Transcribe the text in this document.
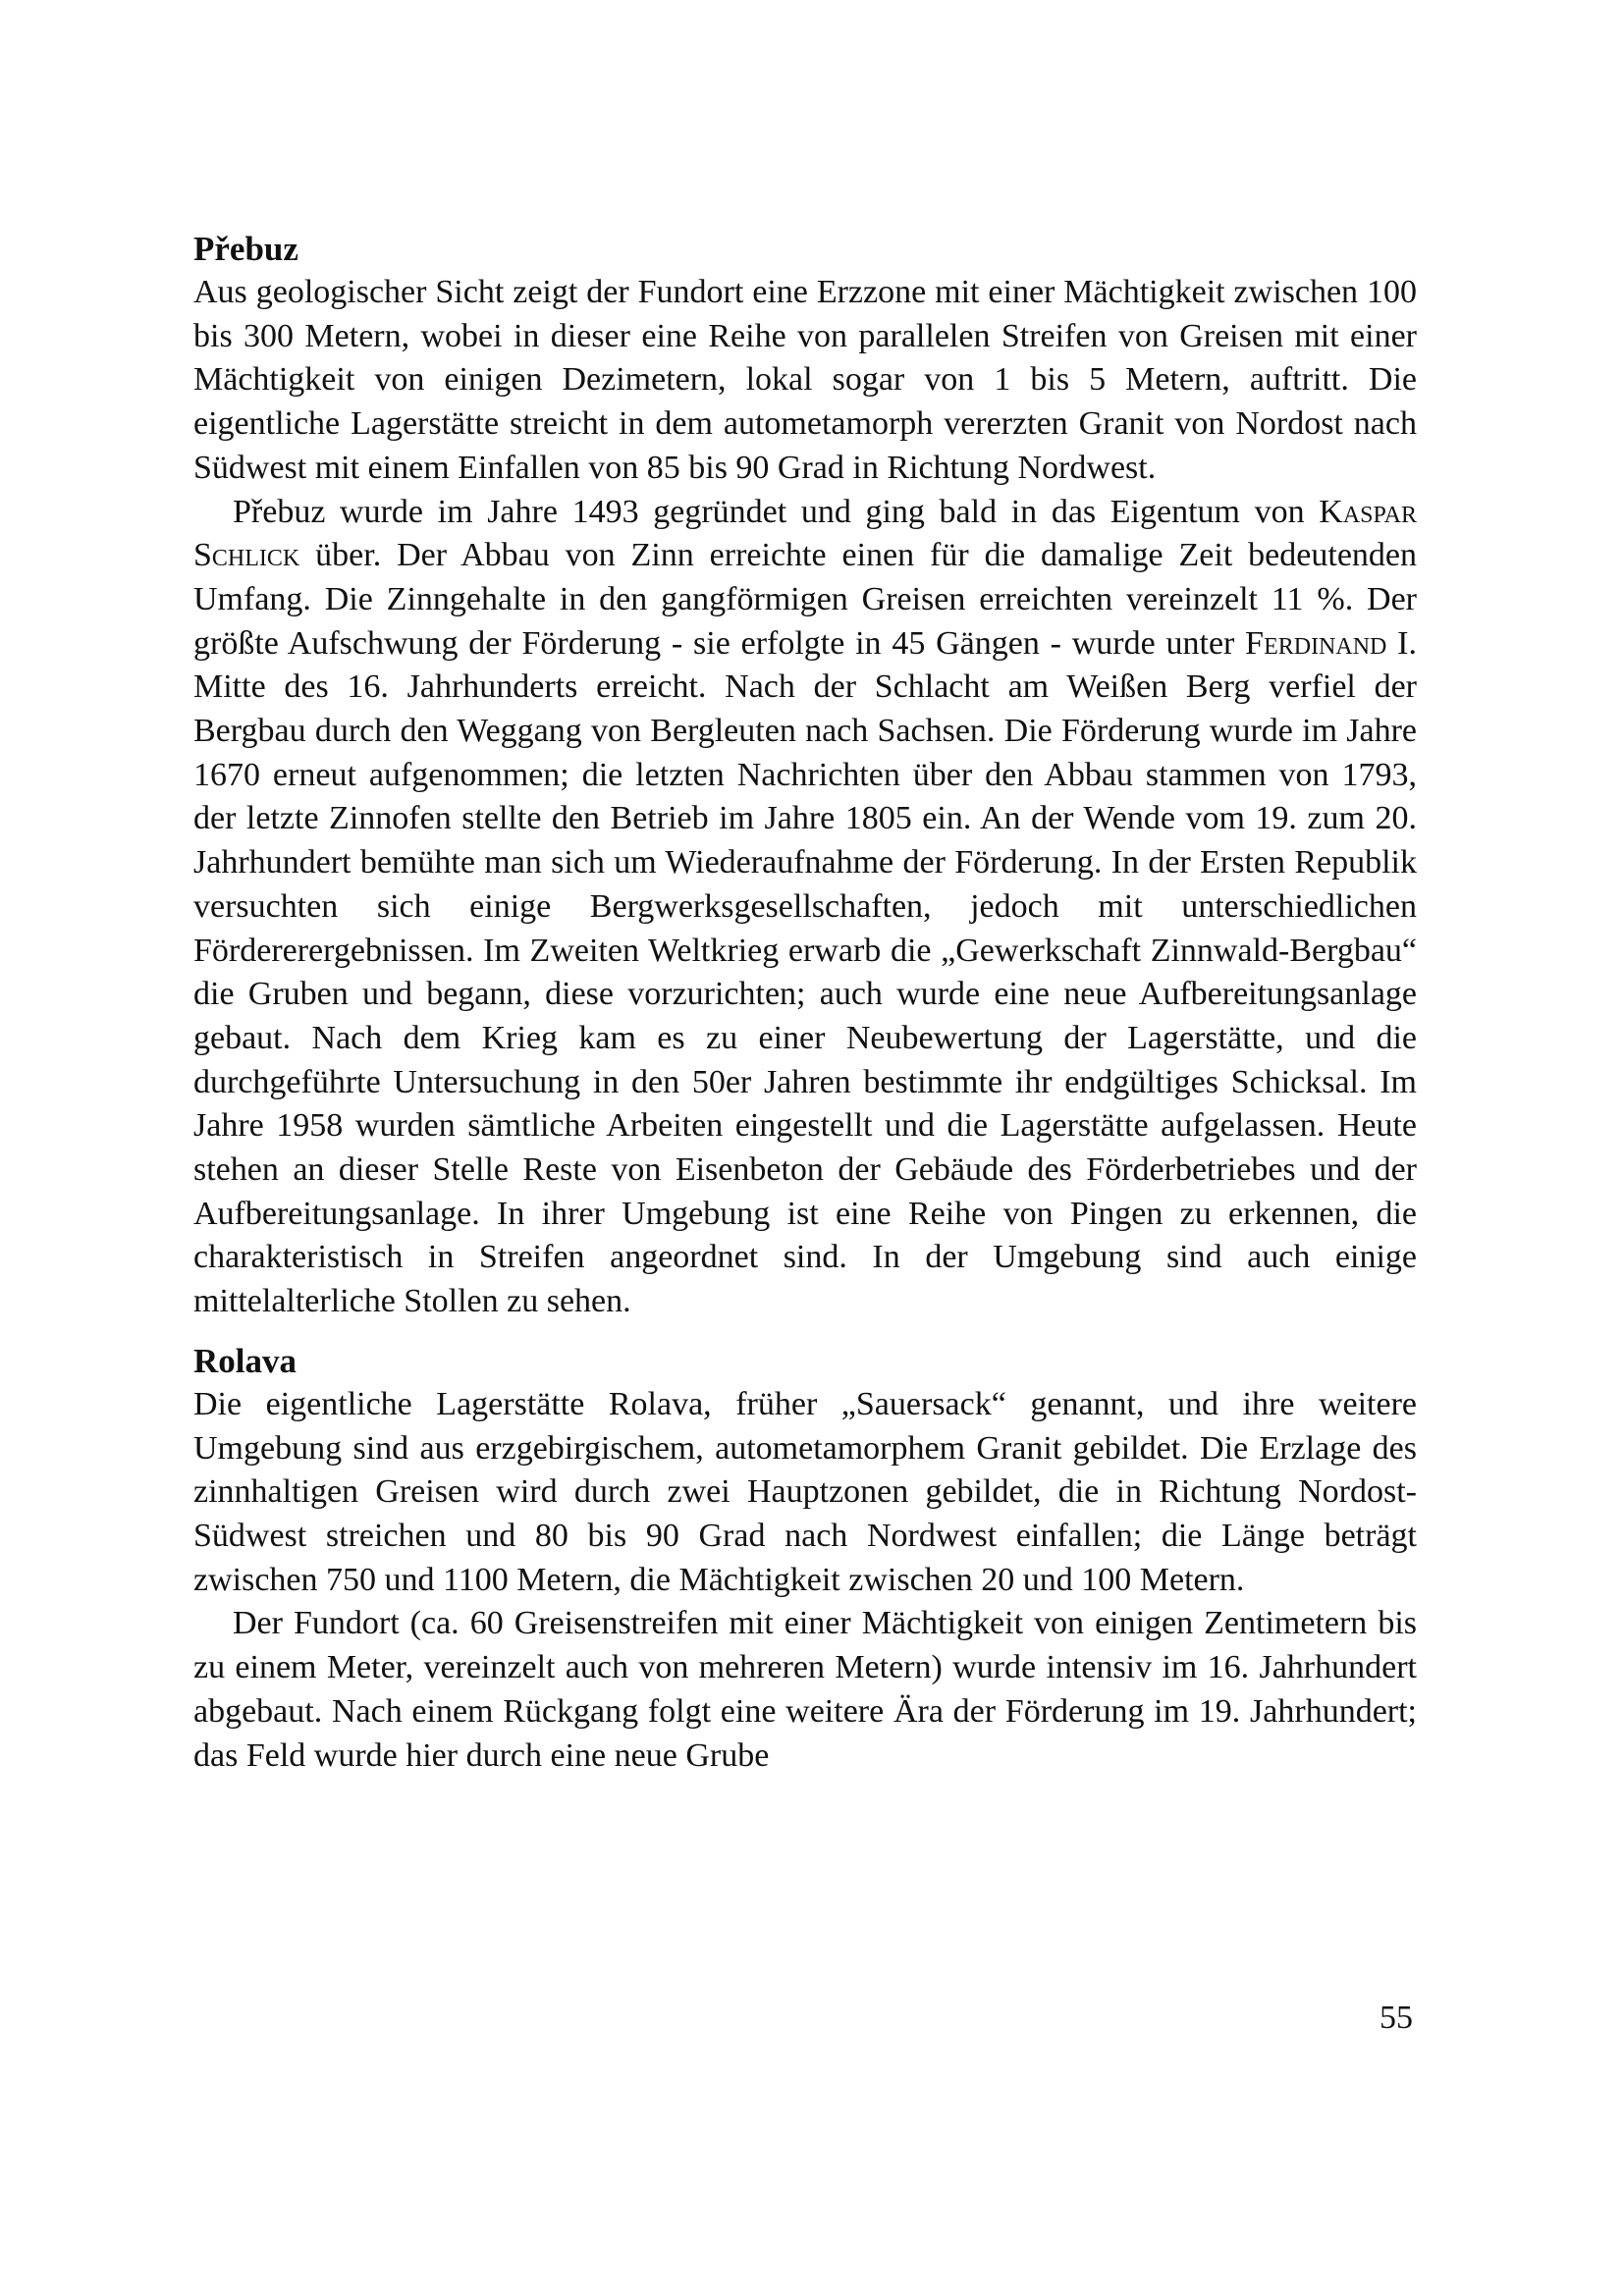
Přebuz

Aus geologischer Sicht zeigt der Fundort eine Erzzone mit einer Mächtigkeit zwischen 100 bis 300 Metern, wobei in dieser eine Reihe von parallelen Streifen von Greisen mit einer Mächtigkeit von einigen Dezimetern, lokal sogar von 1 bis 5 Metern, auftritt. Die eigentliche Lagerstätte streicht in dem autometamorph vererzten Granit von Nordost nach Südwest mit einem Einfallen von 85 bis 90 Grad in Richtung Nordwest.

Přebuz wurde im Jahre 1493 gegründet und ging bald in das Eigentum von Kaspar Schlick über. Der Abbau von Zinn erreichte einen für die damalige Zeit bedeutenden Umfang. Die Zinngehalte in den gangförmigen Greisen erreichten vereinzelt 11 %. Der größte Aufschwung der Förderung - sie erfolgte in 45 Gängen - wurde unter Ferdinand I. Mitte des 16. Jahrhunderts erreicht. Nach der Schlacht am Weißen Berg verfiel der Bergbau durch den Weggang von Bergleuten nach Sachsen. Die Förderung wurde im Jahre 1670 erneut aufgenommen; die letzten Nachrichten über den Abbau stammen von 1793, der letzte Zinnofen stellte den Betrieb im Jahre 1805 ein. An der Wende vom 19. zum 20. Jahrhundert bemühte man sich um Wiederaufnahme der Förderung. In der Ersten Republik versuchten sich einige Bergwerksgesellschaften, jedoch mit unterschiedlichen Fördererergebnissen. Im Zweiten Weltkrieg erwarb die „Gewerkschaft Zinnwald-Bergbau“ die Gruben und begann, diese vorzurichten; auch wurde eine neue Aufbereitungsanlage gebaut. Nach dem Krieg kam es zu einer Neubewertung der Lagerstätte, und die durchgeführte Untersuchung in den 50er Jahren bestimmte ihr endgültiges Schicksal. Im Jahre 1958 wurden sämtliche Arbeiten eingestellt und die Lagerstätte aufgelassen. Heute stehen an dieser Stelle Reste von Eisenbeton der Gebäude des Förderbetriebes und der Aufbereitungsanlage. In ihrer Umgebung ist eine Reihe von Pingen zu erkennen, die charakteristisch in Streifen angeordnet sind. In der Umgebung sind auch einige mittelalterliche Stollen zu sehen.

Rolava

Die eigentliche Lagerstätte Rolava, früher „Sauersack“ genannt, und ihre weitere Umgebung sind aus erzgebirgischem, autometamorphem Granit gebildet. Die Erzlage des zinnhaltigen Greisen wird durch zwei Hauptzonen gebildet, die in Richtung Nordost-Südwest streichen und 80 bis 90 Grad nach Nordwest einfallen; die Länge beträgt zwischen 750 und 1100 Metern, die Mächtigkeit zwischen 20 und 100 Metern.

Der Fundort (ca. 60 Greisenstreifen mit einer Mächtigkeit von einigen Zentimetern bis zu einem Meter, vereinzelt auch von mehreren Metern) wurde intensiv im 16. Jahrhundert abgebaut. Nach einem Rückgang folgt eine weitere Ära der Förderung im 19. Jahrhundert; das Feld wurde hier durch eine neue Grube

55
